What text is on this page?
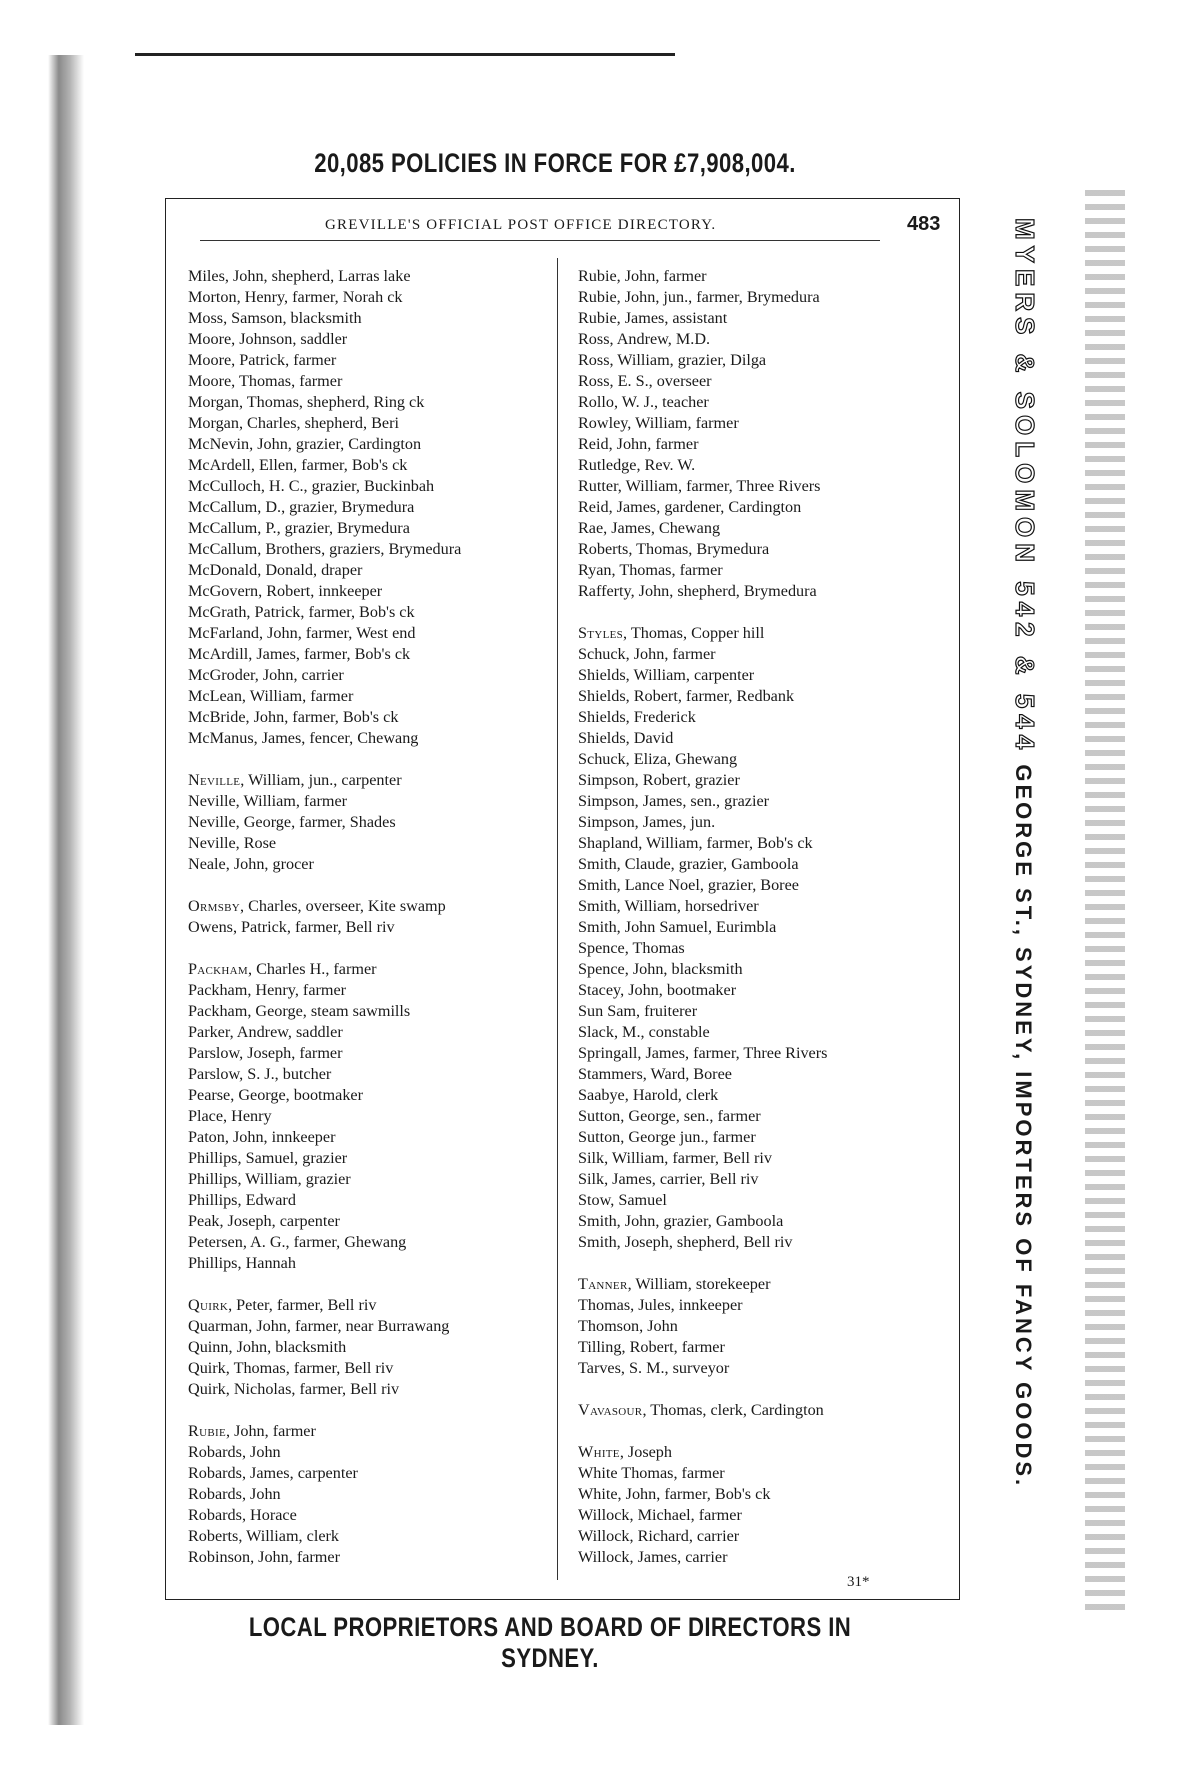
20,085 POLICIES IN FORCE FOR £7,908,004.
GREVILLE'S OFFICIAL POST OFFICE DIRECTORY.	483
Miles, John, shepherd, Larras lake
Morton, Henry, farmer, Norah ck
Moss, Samson, blacksmith
Moore, Johnson, saddler
Moore, Patrick, farmer
Moore, Thomas, farmer
Morgan, Thomas, shepherd, Ring ck
Morgan, Charles, shepherd, Beri
McNevin, John, grazier, Cardington
McArdell, Ellen, farmer, Bob's ck
McCulloch, H. C., grazier, Buckinbah
McCallum, D., grazier, Brymedura
McCallum, P., grazier, Brymedura
McCallum, Brothers, graziers, Brymedura
McDonald, Donald, draper
McGovern, Robert, innkeeper
McGrath, Patrick, farmer, Bob's ck
McFarland, John, farmer, West end
McArdill, James, farmer, Bob's ck
McGroder, John, carrier
McLean, William, farmer
McBride, John, farmer, Bob's ck
McManus, James, fencer, Chewang
Neville, William, jun., carpenter
Neville, William, farmer
Neville, George, farmer, Shades
Neville, Rose
Neale, John, grocer
Ormsby, Charles, overseer, Kite swamp
Owens, Patrick, farmer, Bell riv
Packham, Charles H., farmer
Packham, Henry, farmer
Packham, George, steam sawmills
Parker, Andrew, saddler
Parslow, Joseph, farmer
Parslow, S. J., butcher
Pearse, George, bootmaker
Place, Henry
Paton, John, innkeeper
Phillips, Samuel, grazier
Phillips, William, grazier
Phillips, Edward
Peak, Joseph, carpenter
Petersen, A. G., farmer, Ghewang
Phillips, Hannah
Quirk, Peter, farmer, Bell riv
Quarman, John, farmer, near Burrawang
Quinn, John, blacksmith
Quirk, Thomas, farmer, Bell riv
Quirk, Nicholas, farmer, Bell riv
Rubie, John, farmer
Robards, John
Robards, James, carpenter
Robards, John
Robards, Horace
Roberts, William, clerk
Robinson, John, farmer
Rubie, John, farmer
Rubie, John, jun., farmer, Brymedura
Rubie, James, assistant
Ross, Andrew, M.D.
Ross, William, grazier, Dilga
Ross, E. S., overseer
Rollo, W. J., teacher
Rowley, William, farmer
Reid, John, farmer
Rutledge, Rev. W.
Rutter, William, farmer, Three Rivers
Reid, James, gardener, Cardington
Rae, James, Chewang
Roberts, Thomas, Brymedura
Ryan, Thomas, farmer
Rafferty, John, shepherd, Brymedura
Styles, Thomas, Copper hill
Schuck, John, farmer
Shields, William, carpenter
Shields, Robert, farmer, Redbank
Shields, Frederick
Shields, David
Schuck, Eliza, Ghewang
Simpson, Robert, grazier
Simpson, James, sen., grazier
Simpson, James, jun.
Shapland, William, farmer, Bob's ck
Smith, Claude, grazier, Gamboola
Smith, Lance Noel, grazier, Boree
Smith, William, horsedriver
Smith, John Samuel, Eurimbla
Spence, Thomas
Spence, John, blacksmith
Stacey, John, bootmaker
Sun Sam, fruiterer
Slack, M., constable
Springall, James, farmer, Three Rivers
Stammers, Ward, Boree
Saabye, Harold, clerk
Sutton, George, sen., farmer
Sutton, George jun., farmer
Silk, William, farmer, Bell riv
Silk, James, carrier, Bell riv
Stow, Samuel
Smith, John, grazier, Gamboola
Smith, Joseph, shepherd, Bell riv
Tanner, William, storekeeper
Thomas, Jules, innkeeper
Thomson, John
Tilling, Robert, farmer
Tarves, S. M., surveyor
Vavasour, Thomas, clerk, Cardington
White, Joseph
White Thomas, farmer
White, John, farmer, Bob's ck
Willock, Michael, farmer
Willock, Richard, carrier
Willock, James, carrier
31*
MYERS & SOLOMON 542 & 544 GEORGE ST., SYDNEY, IMPORTERS OF FANCY GOODS.
LOCAL PROPRIETORS AND BOARD OF DIRECTORS IN SYDNEY.
